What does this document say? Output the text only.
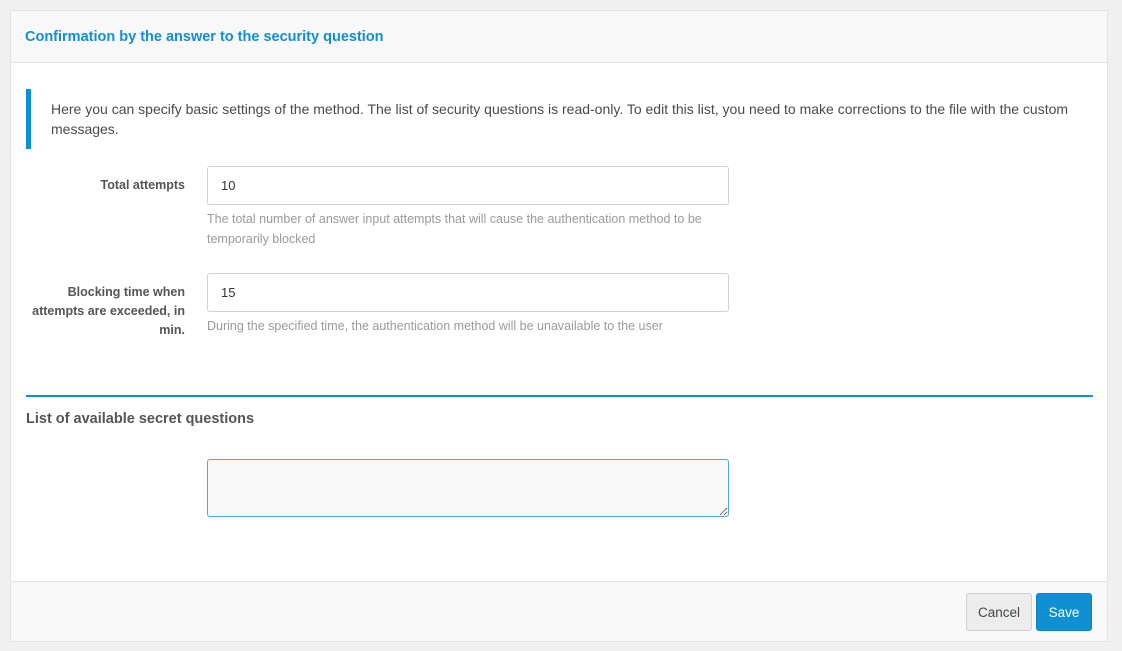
Confirmation by the answer to the security question
Here you can specify basic settings of the method. The list of security questions is read-only. To edit this list, you need to make corrections to the file with the custom messages.
Total attempts
10
The total number of answer input attempts that will cause the authentication method to be temporarily blocked
Blocking time when attempts are exceeded, in min.
15 During the specified time, the authentication method will be unavailable to the user
List of available secret questions
Cancel	Save
